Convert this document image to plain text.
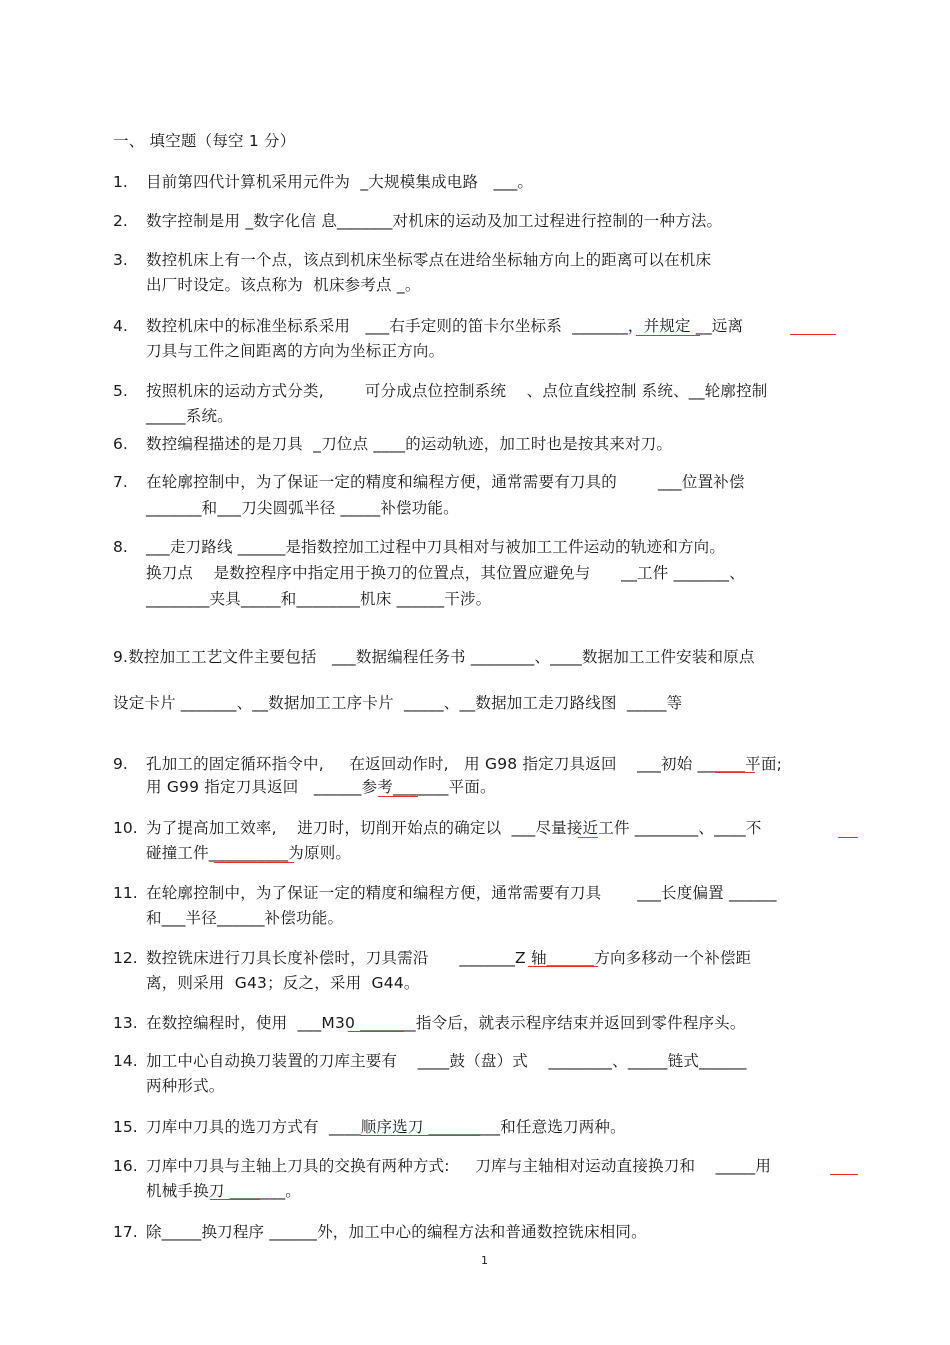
一、 填空题（每空 1 分）
1. 目前第四代计算机采用元件为  _大规模集成电路   ___。
2. 数字控制是用 _数字化信 息_______对机床的运动及加工过程进行控制的一种方法。
3. 数控机床上有一个点，该点到机床坐标零点在进给坐标轴方向上的距离可以在机床
出厂时设定。该点称为  机床参考点 _。
4. 数控机床中的标准坐标系采用   ___右手定则的笛卡尔坐标系  _______，并规定 __远离
刀具与工件之间距离的方向为坐标正方向。
5. 按照机床的运动方式分类,        可分成点位控制系统    、点位直线控制 系统、__轮廓控制
_____系统。
6. 数控编程描述的是刀具  _刀位点 ____的运动轨迹，加工时也是按其来对刀。
7. 在轮廓控制中，为了保证一定的精度和编程方便，通常需要有刀具的        ___位置补偿
_______和___刀尖圆弧半径 _____补偿功能。
8. ___走刀路线 ______是指数控加工过程中刀具相对与被加工工件运动的轨迹和方向。
换刀点    是数控程序中指定用于换刀的位置点，其位置应避免与      __工件 _______、
________夹具_____和________机床 ______干涉。
9.数控加工工艺文件主要包括   ___数据编程任务书 ________、____数据加工工件安装和原点
设定卡片 _______、__数据加工工序卡片  _____、__数据加工走刀路线图  _____等
9. 孔加工的固定循环指令中,     在返回动作时,   用 G98 指定刀具返回    ___初始 ______平面;
用 G99 指定刀具返回   ______参考_______平面。
10. 为了提高加工效率,    进刀时，切削开始点的确定以  ___尽量接近工件 ________、____不
碰撞工件__________为原则。
11. 在轮廓控制中，为了保证一定的精度和编程方便，通常需要有刀具       ___长度偏置 ______
和___半径______补偿功能。
12. 数控铣床进行刀具长度补偿时，刀具需沿      _______Z 轴______方向多移动一个补偿距
离，则采用  G43；反之，采用  G44。
13. 在数控编程时，使用  ___M30 _______指令后，就表示程序结束并返回到零件程序头。
14. 加工中心自动换刀装置的刀库主要有    ____鼓（盘）式    ________、_____链式______
两种形式。
15. 刀库中刀具的选刀方式有  ____顺序选刀 _________和任意选刀两种。
16. 刀库中刀具与主轴上刀具的交换有两种方式:     刀库与主轴相对运动直接换刀和    _____用
机械手换刀 _______。
17. 除_____换刀程序 ______外，加工中心的编程方法和普通数控铣床相同。
1
